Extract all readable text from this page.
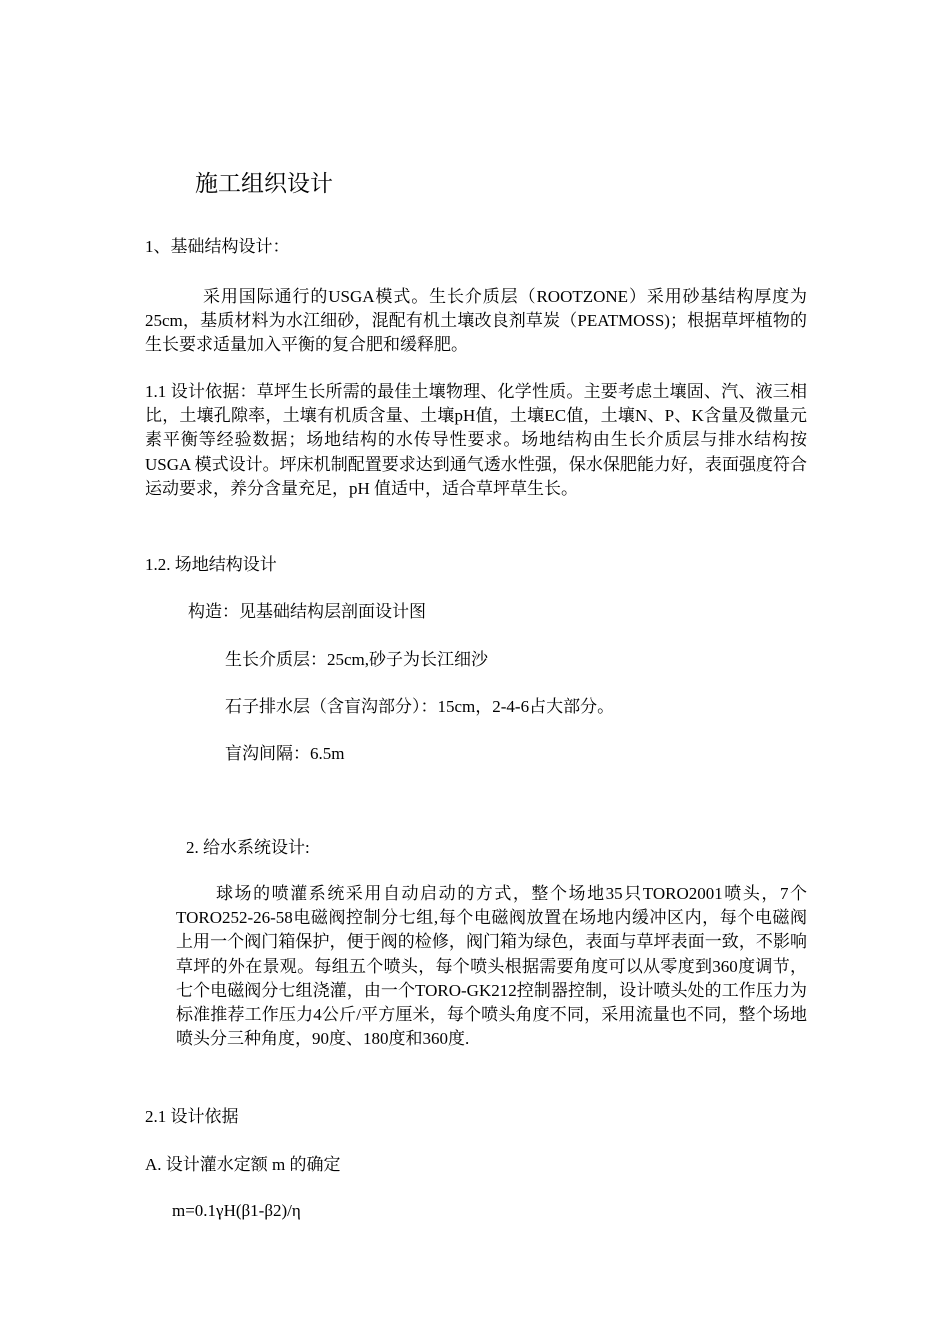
施工组织设计
1、基础结构设计：

采用国际通行的USGA模式。生长介质层（ROOTZONE）采用砂基结构厚度为25cm，基质材料为水江细砂，混配有机土壤改良剂草炭（PEATMOSS)；根据草坪植物的生长要求适量加入平衡的复合肥和缓释肥。

1.1 设计依据：草坪生长所需的最佳土壤物理、化学性质。主要考虑土壤固、汽、液三相比，土壤孔隙率，土壤有机质含量、土壤pH值，土壤EC值，土壤N、P、K含量及微量元素平衡等经验数据；场地结构的水传导性要求。场地结构由生长介质层与排水结构按 USGA 模式设计。坪床机制配置要求达到通气透水性强，保水保肥能力好，表面强度符合运动要求，养分含量充足，pH 值适中，适合草坪草生长。

1.2. 场地结构设计
构造：见基础结构层剖面设计图
生长介质层：25cm,砂子为长江细沙
石子排水层（含盲沟部分）：15cm，2-4-6占大部分。
盲沟间隔：6.5m
2. 给水系统设计:

球场的喷灌系统采用自动启动的方式，整个场地35只TORO2001喷头，7个TORO252-26-58电磁阀控制分七组,每个电磁阀放置在场地内缓冲区内，每个电磁阀上用一个阀门箱保护，便于阀的检修，阀门箱为绿色，表面与草坪表面一致，不影响草坪的外在景观。每组五个喷头，每个喷头根据需要角度可以从零度到360度调节，七个电磁阀分七组浇灌，由一个TORO-GK212控制器控制，设计喷头处的工作压力为标准推荐工作压力4公斤/平方厘米，每个喷头角度不同，采用流量也不同，整个场地喷头分三种角度，90度、180度和360度.

2.1 设计依据
A. 设计灌水定额 m 的确定
m=0.1γH(β1-β2)/η
